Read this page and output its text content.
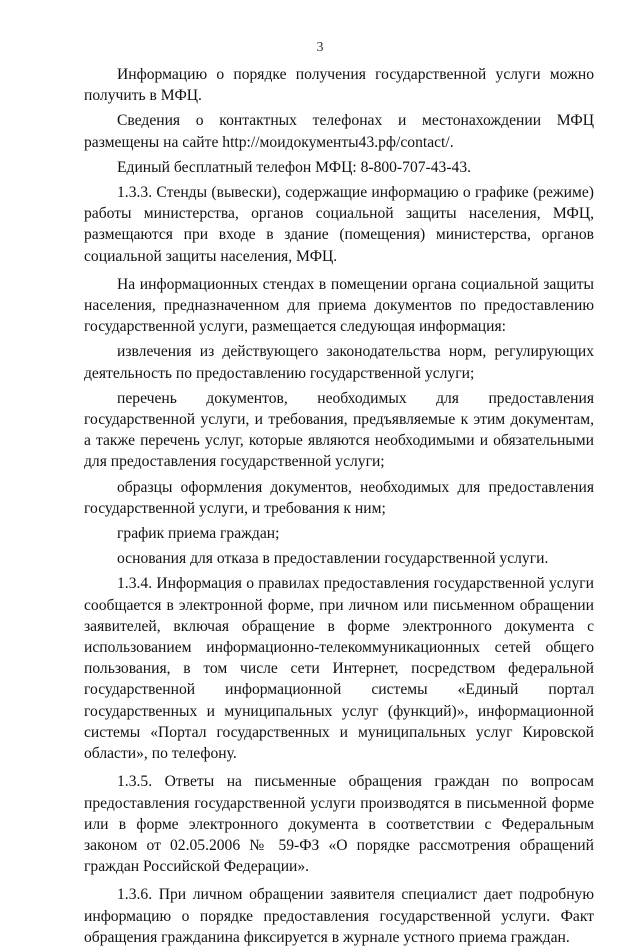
3

Информацию о порядке получения государственной услуги можно получить в МФЦ.

Сведения о контактных телефонах и местонахождении МФЦ размещены на сайте http://моидокументы43.рф/contact/.

Единый бесплатный телефон МФЦ: 8-800-707-43-43.

1.3.3. Стенды (вывески), содержащие информацию о графике (режиме) работы министерства, органов социальной защиты населения, МФЦ, размещаются при входе в здание (помещения) министерства, органов социальной защиты населения, МФЦ.

На информационных стендах в помещении органа социальной защиты населения, предназначенном для приема документов по предоставлению государственной услуги, размещается следующая информация:

извлечения из действующего законодательства норм, регулирующих деятельность по предоставлению государственной услуги;

перечень документов, необходимых для предоставления государственной услуги, и требования, предъявляемые к этим документам, а также перечень услуг, которые являются необходимыми и обязательными для предоставления государственной услуги;

образцы оформления документов, необходимых для предоставления государственной услуги, и требования к ним;

график приема граждан;

основания для отказа в предоставлении государственной услуги.

1.3.4. Информация о правилах предоставления государственной услуги сообщается в электронной форме, при личном или письменном обращении заявителей, включая обращение в форме электронного документа с использованием информационно-телекоммуникационных сетей общего пользования, в том числе сети Интернет, посредством федеральной государственной информационной системы «Единый портал государственных и муниципальных услуг (функций)», информационной системы «Портал государственных и муниципальных услуг Кировской области», по телефону.

1.3.5. Ответы на письменные обращения граждан по вопросам предоставления государственной услуги производятся в письменной форме или в форме электронного документа в соответствии с Федеральным законом от 02.05.2006 № 59-ФЗ «О порядке рассмотрения обращений граждан Российской Федерации».

1.3.6. При личном обращении заявителя специалист дает подробную информацию о порядке предоставления государственной услуги. Факт обращения гражданина фиксируется в журнале устного приема граждан.
